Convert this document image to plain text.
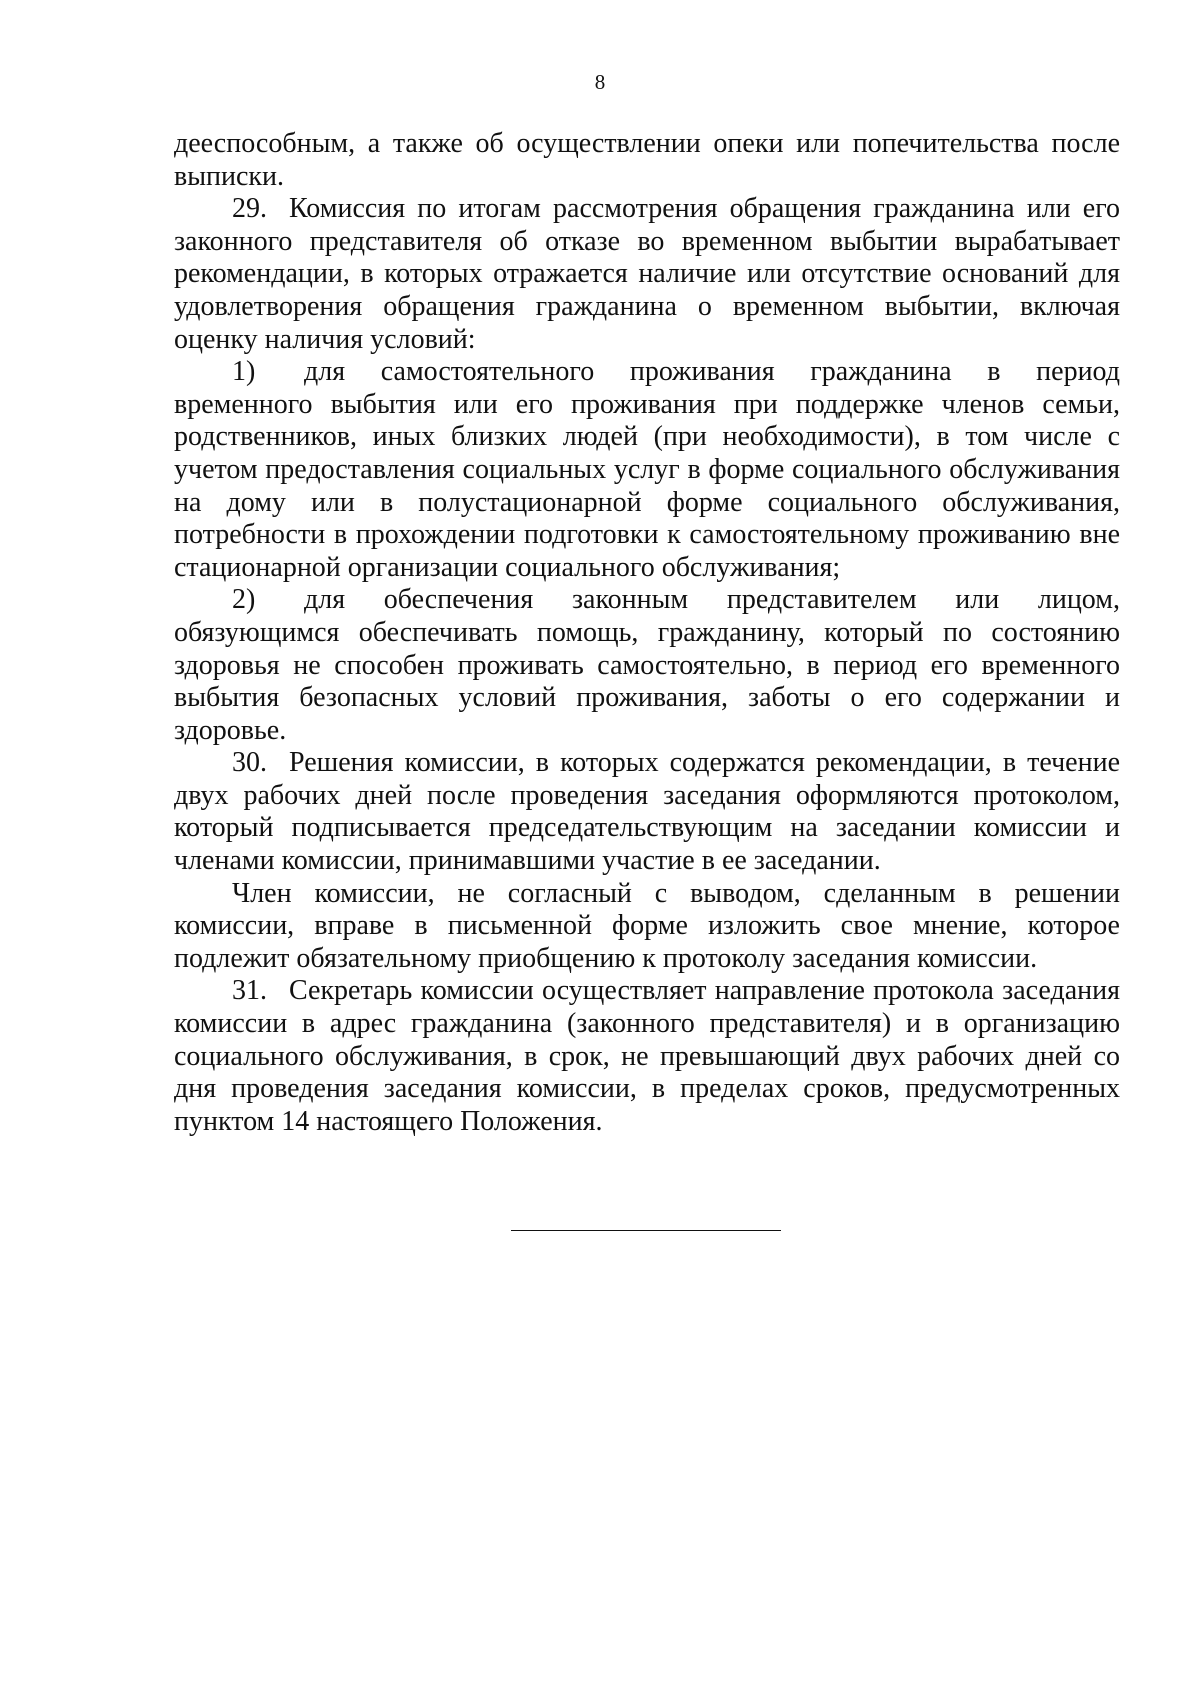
8

дееспособным, а также об осуществлении опеки или попечительства после выписки.

29. Комиссия по итогам рассмотрения обращения гражданина или его законного представителя об отказе во временном выбытии вырабатывает рекомендации, в которых отражается наличие или отсутствие оснований для удовлетворения обращения гражданина о временном выбытии, включая оценку наличия условий:

1) для самостоятельного проживания гражданина в период временного выбытия или его проживания при поддержке членов семьи, родственников, иных близких людей (при необходимости), в том числе с учетом предоставления социальных услуг в форме социального обслуживания на дому или в полустационарной форме социального обслуживания, потребности в прохождении подготовки к самостоятельному проживанию вне стационарной организации социального обслуживания;

2) для обеспечения законным представителем или лицом, обязующимся обеспечивать помощь, гражданину, который по состоянию здоровья не способен проживать самостоятельно, в период его временного выбытия безопасных условий проживания, заботы о его содержании и здоровье.

30. Решения комиссии, в которых содержатся рекомендации, в течение двух рабочих дней после проведения заседания оформляются протоколом, который подписывается председательствующим на заседании комиссии и членами комиссии, принимавшими участие в ее заседании.

Член комиссии, не согласный с выводом, сделанным в решении комиссии, вправе в письменной форме изложить свое мнение, которое подлежит обязательному приобщению к протоколу заседания комиссии.

31. Секретарь комиссии осуществляет направление протокола заседания комиссии в адрес гражданина (законного представителя) и в организацию социального обслуживания, в срок, не превышающий двух рабочих дней со дня проведения заседания комиссии, в пределах сроков, предусмотренных пунктом 14 настоящего Положения.
